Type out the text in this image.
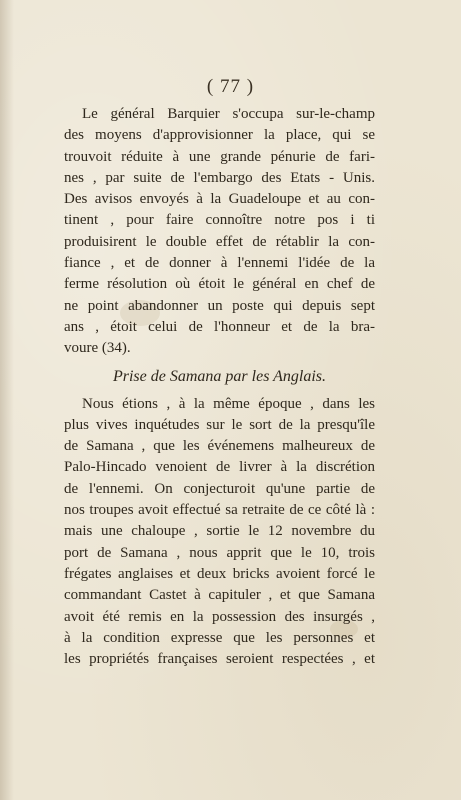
( 77 )
Le général Barquier s'occupa sur-le-champ
des moyens d'approvisionner la place, qui se
trouvoit réduite à une grande pénurie de fari-
nes , par suite de l'embargo des Etats - Unis.
Des avisos envoyés à la Guadeloupe et au con-
tinent , pour faire connoître notre pos i ti
produisirent le double effet de rétablir la con-
fiance , et de donner à l'ennemi l'idée de la
ferme résolution où étoit le général en chef de
ne point abandonner un poste qui depuis sept
ans , étoit celui de l'honneur et de la bra-
voure (34).
Prise de Samana par les Anglais.
Nous étions , à la même époque , dans les
plus vives inquétudes sur le sort de la presqu'île
de Samana , que les événemens malheureux de
Palo-Hincado venoient de livrer à la discrétion
de l'ennemi. On conjecturoit qu'une partie de
nos troupes avoit effectué sa retraite de ce côté là :
mais une chaloupe , sortie le 12 novembre du
port de Samana , nous apprit que le 10, trois
frégates anglaises et deux bricks avoient forcé le
commandant Castet à capituler , et que Samana
avoit été remis en la possession des insurgés ,
à la condition expresse que les personnes et
les propriétés françaises seroient respectées , et
